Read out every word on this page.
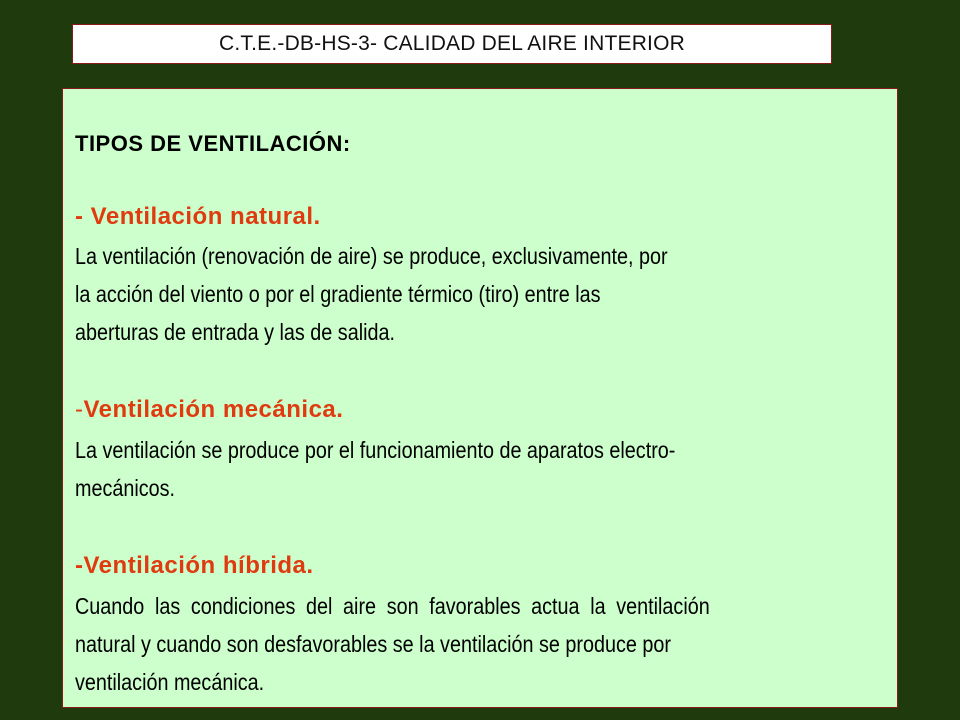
C.T.E.-DB-HS-3- CALIDAD DEL AIRE INTERIOR
TIPOS DE VENTILACIÓN:
- Ventilación natural.
La ventilación (renovación de aire) se produce, exclusivamente, por
la acción del viento o por el gradiente térmico (tiro) entre las
aberturas de entrada y las de salida.
-Ventilación mecánica.
La ventilación se produce por el funcionamiento de aparatos electro-
mecánicos.
-Ventilación híbrida.
Cuando las condiciones del aire son favorables actua la ventilación
natural y cuando son desfavorables se la ventilación se produce por
ventilación mecánica.
